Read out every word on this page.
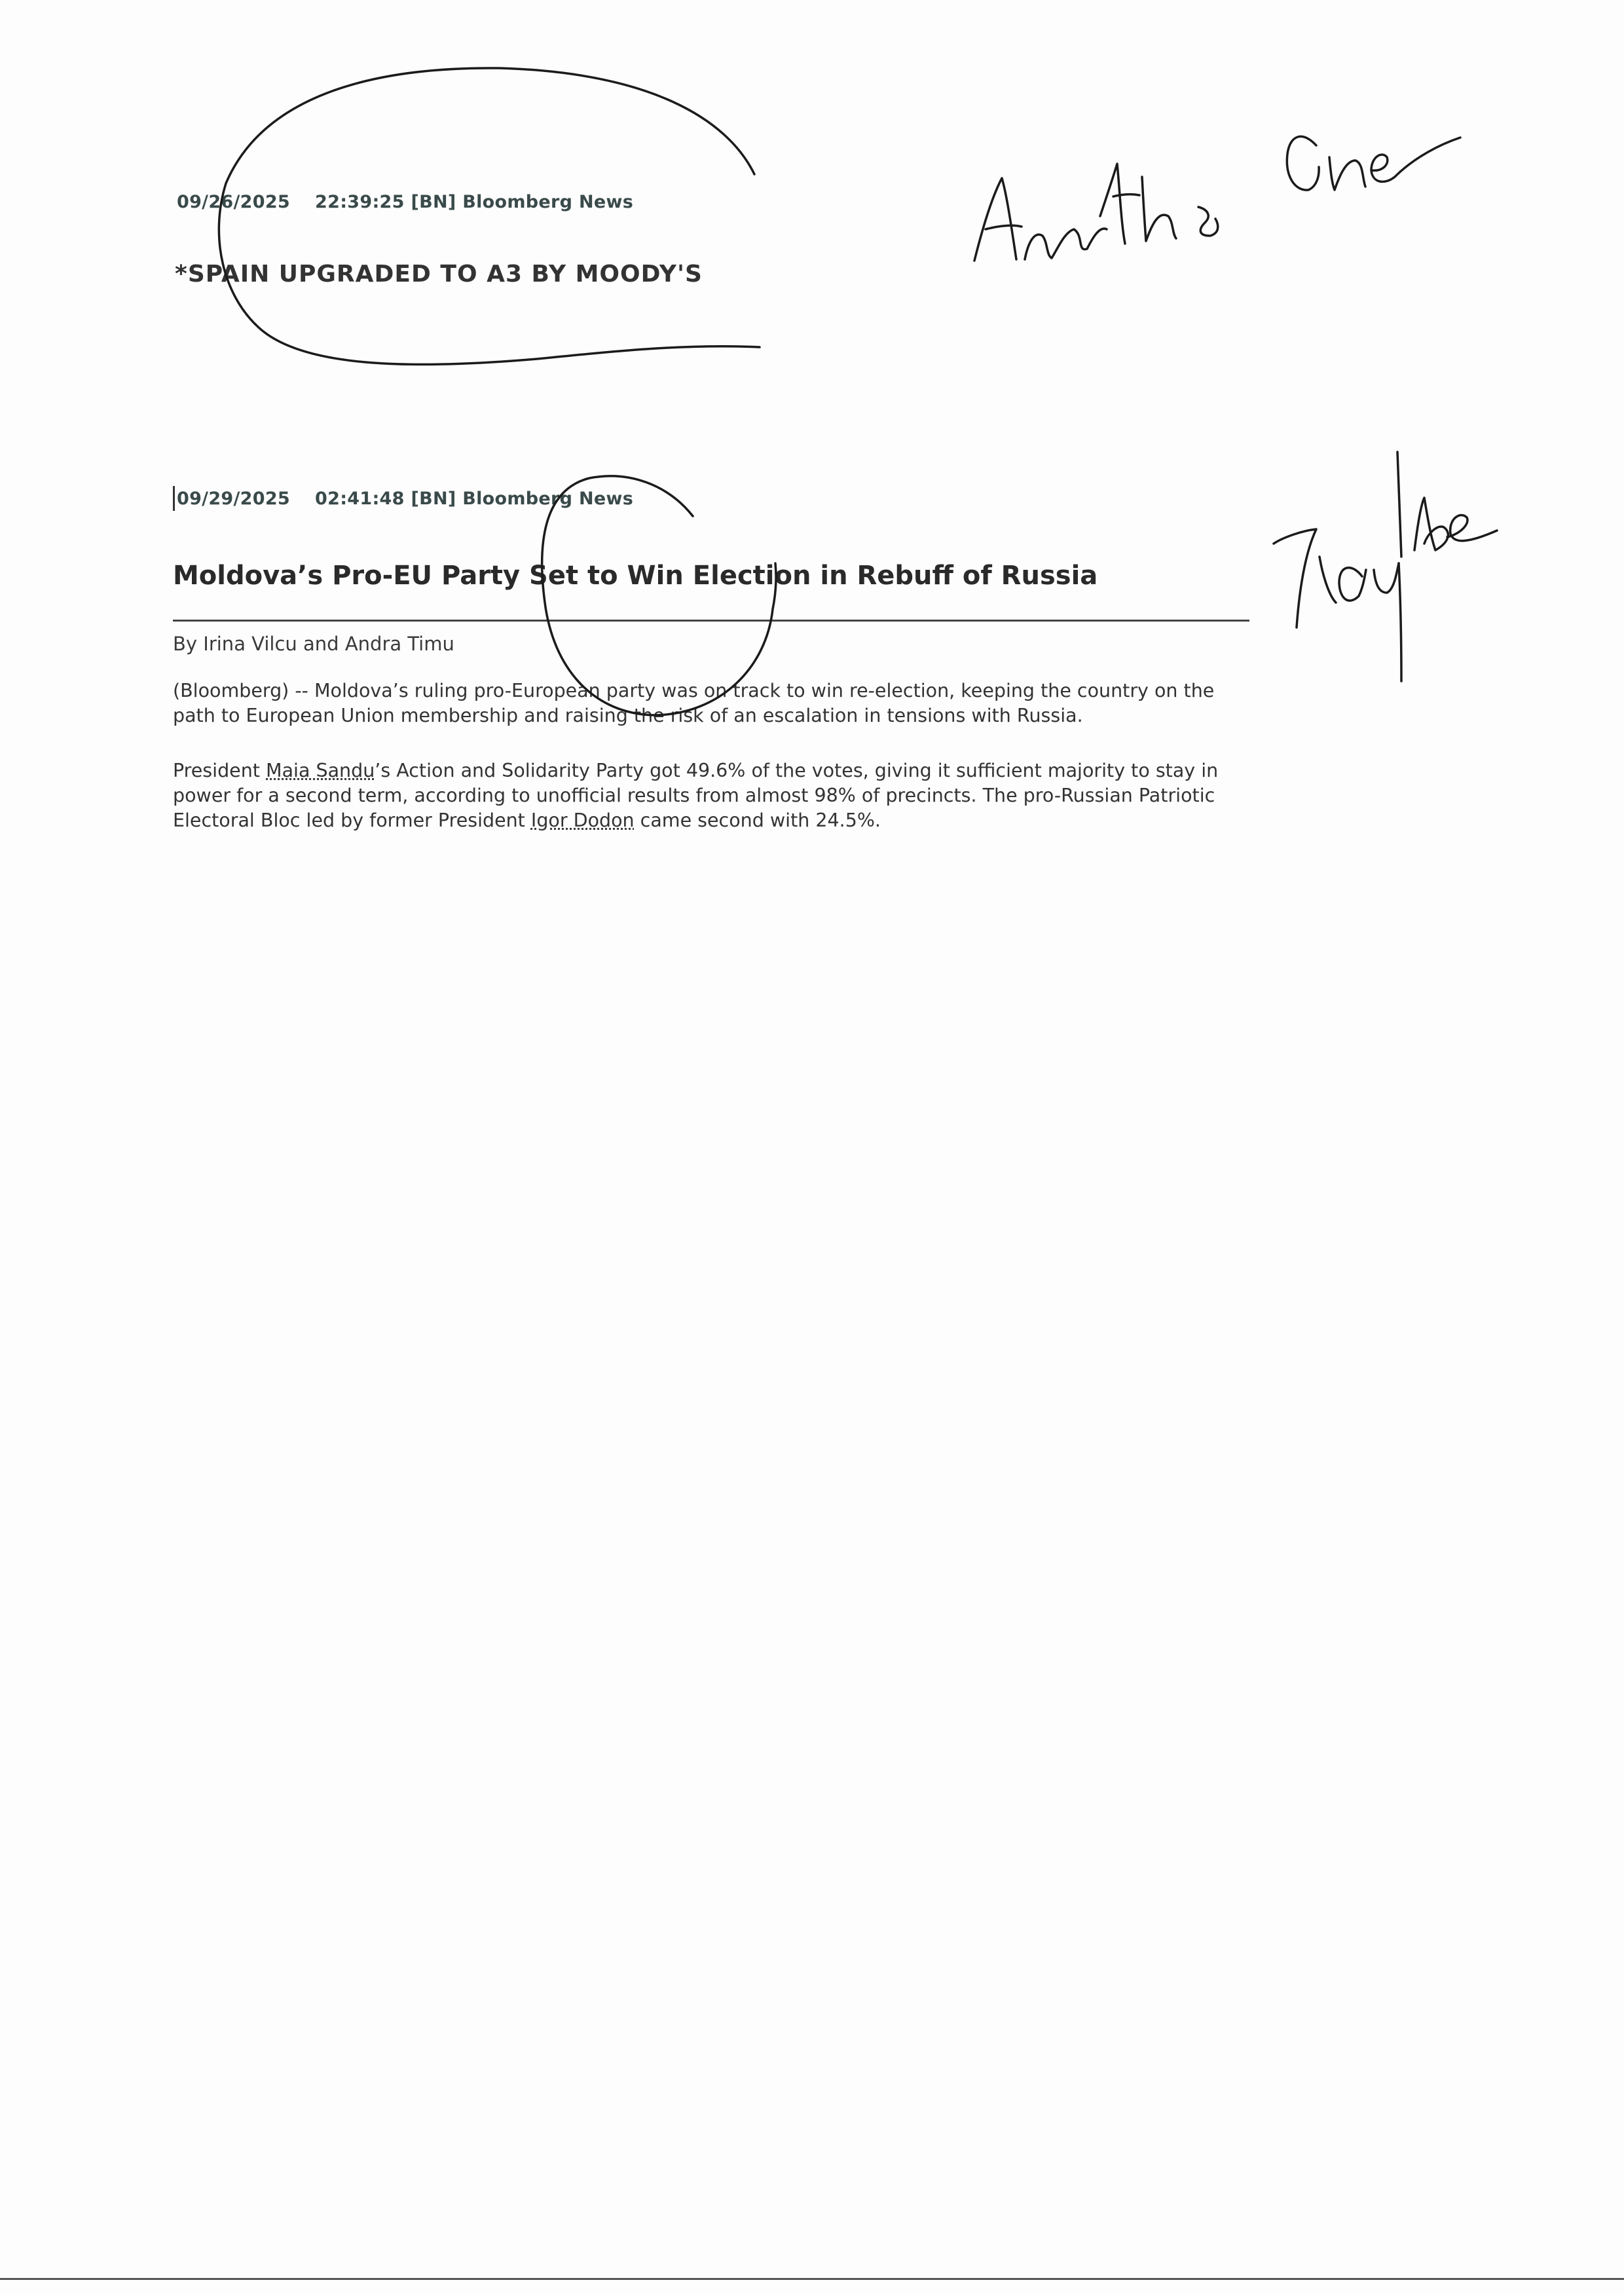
09/26/2025 22:39:25 [BN] Bloomberg News
*SPAIN UPGRADED TO A3 BY MOODY'S
09/29/2025 02:41:48 [BN] Bloomberg News
Moldova’s Pro-EU Party Set to Win Election in Rebuff of Russia
By Irina Vilcu and Andra Timu
(Bloomberg) -- Moldova’s ruling pro-European party was on track to win re-election, keeping the country on the path to European Union membership and raising the risk of an escalation in tensions with Russia.
President Maia Sandu’s Action and Solidarity Party got 49.6% of the votes, giving it sufficient majority to stay in power for a second term, according to unofficial results from almost 98% of precincts. The pro-Russian Patriotic Electoral Bloc led by former President Igor Dodon came second with 24.5%.
